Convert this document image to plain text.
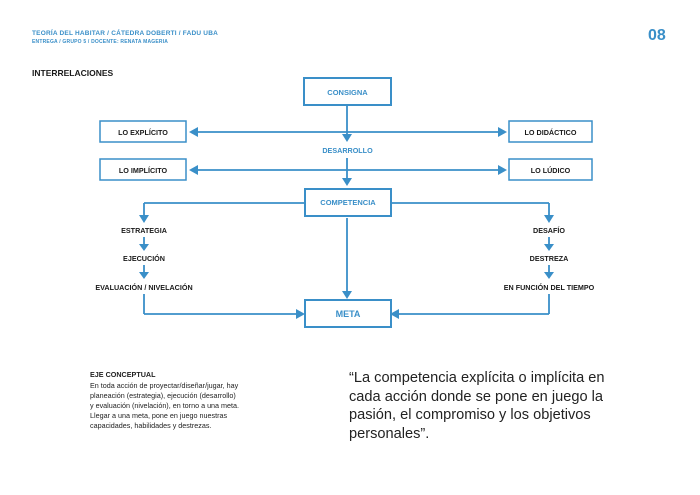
TEORÍA DEL HABITAR / CÁTEDRA DOBERTI / FADU UBA
ENTREGA / GRUPO 5 / DOCENTE: RENATA MAGERIA	08
INTERRELACIONES
CONSIGNA
LO EXPLÍCITO
LO IMPLÍCITO
LO DIDÁCTICO
LO LÚDICO
DESARROLLO
COMPETENCIA
ESTRATEGIA
EJECUCIÓN
EVALUACIÓN / NIVELACIÓN
DESAFÍO
DESTREZA
EN FUNCIÓN DEL TIEMPO
META
EJE CONCEPTUAL
En toda acción de proyectar/diseñar/jugar, hay
planeación (estrategia), ejecución (desarrollo)
y evaluación (nivelación), en torno a una meta.
Llegar a una meta, pone en juego nuestras
capacidades, habilidades y destrezas.
“La competencia explícita o implícita en
cada acción donde se pone en juego la
pasión, el compromiso y los objetivos
personales”.
